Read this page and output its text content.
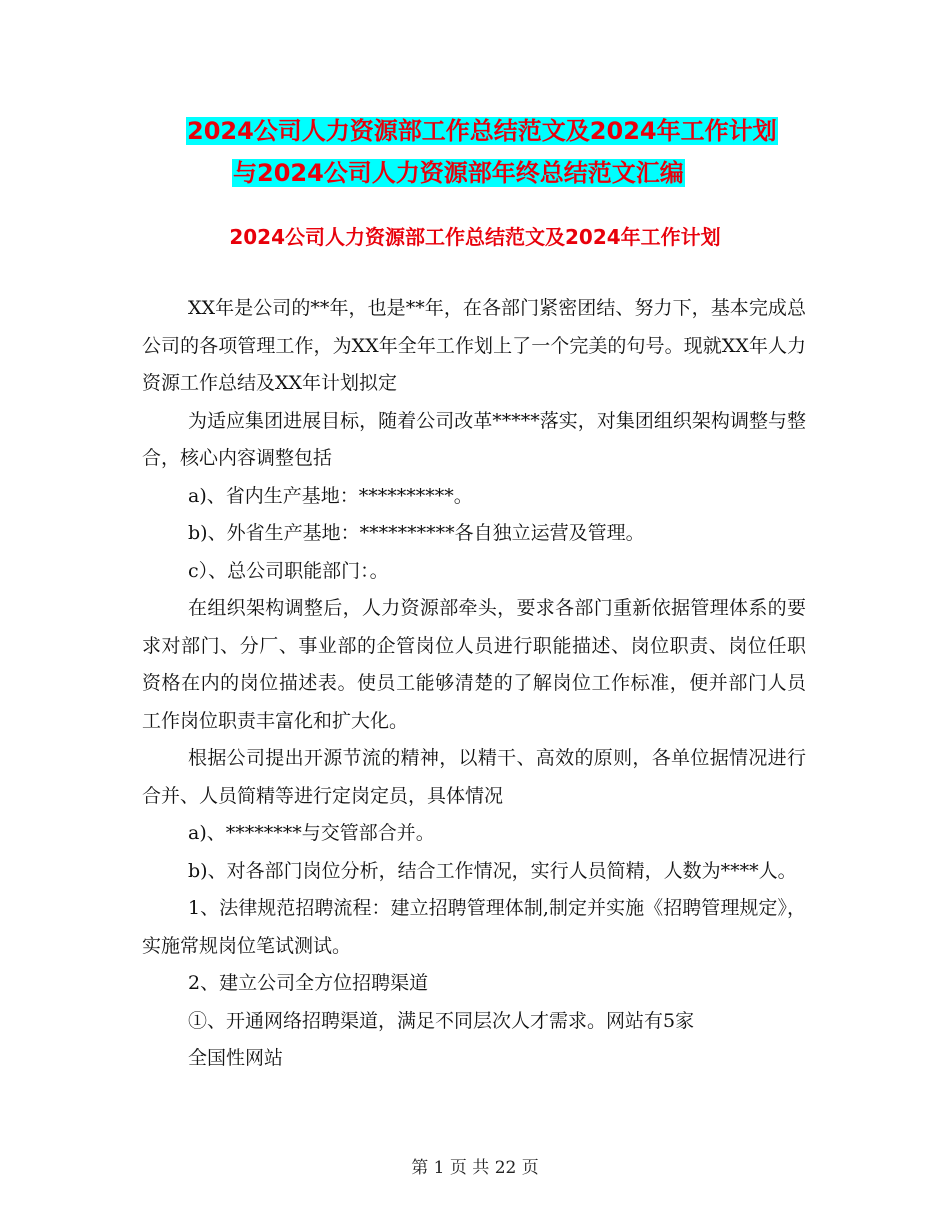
2024公司人力资源部工作总结范文及2024年工作计划
与2024公司人力资源部年终总结范文汇编
2024公司人力资源部工作总结范文及2024年工作计划

XX年是公司的**年，也是**年，在各部门紧密团结、努力下，基本完成总公司的各项管理工作，为XX年全年工作划上了一个完美的句号。现就XX年人力资源工作总结及XX年计划拟定

为适应集团进展目标，随着公司改革*****落实，对集团组织架构调整与整合，核心内容调整包括

a)、省内生产基地：**********。

b)、外省生产基地：**********各自独立运营及管理。

c）、总公司职能部门：。

在组织架构调整后，人力资源部牵头，要求各部门重新依据管理体系的要求对部门、分厂、事业部的企管岗位人员进行职能描述、岗位职责、岗位任职资格在内的岗位描述表。使员工能够清楚的了解岗位工作标准，便并部门人员工作岗位职责丰富化和扩大化。

根据公司提出开源节流的精神，以精干、高效的原则，各单位据情况进行合并、人员简精等进行定岗定员，具体情况

a)、********与交管部合并。

b)、对各部门岗位分析，结合工作情况，实行人员简精，人数为****人。

1、法律规范招聘流程：建立招聘管理体制,制定并实施《招聘管理规定》，实施常规岗位笔试测试。

2、建立公司全方位招聘渠道

①、开通网络招聘渠道，满足不同层次人才需求。网站有5家

全国性网站

第 1 页 共 22 页
